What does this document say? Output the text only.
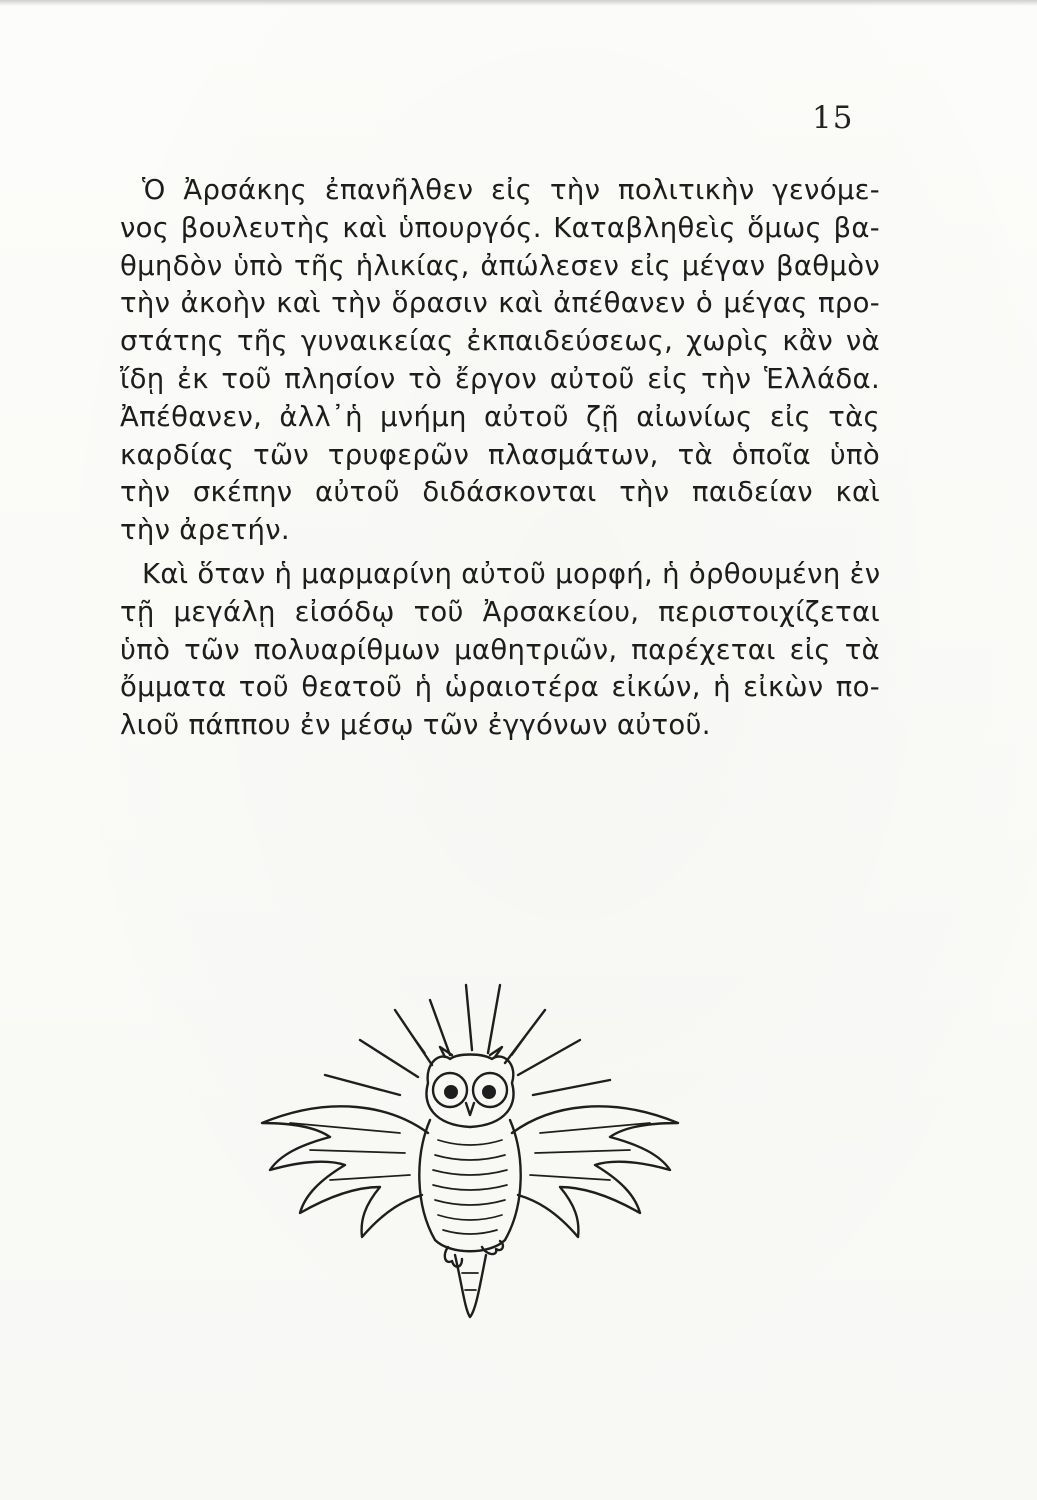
15

Ὁ Ἀρσάκης ἐπανῆλθεν εἰς τὴν πολιτικὴν γενόμε-
νος βουλευτὴς καὶ ὑπουργός. Καταβληθεὶς ὅμως βα-
θμηδὸν ὑπὸ τῆς ἡλικίας, ἀπώλεσεν εἰς μέγαν βαθμὸν
τὴν ἀκοὴν καὶ τὴν ὅρασιν καὶ ἀπέθανεν ὁ μέγας προ-
στάτης τῆς γυναικείας ἐκπαιδεύσεως, χωρὶς κἂν νὰ
ἴδῃ ἐκ τοῦ πλησίον τὸ ἔργον αὐτοῦ εἰς τὴν Ἑλλάδα.
Ἀπέθανεν, ἀλλ᾽ἡ μνήμη αὐτοῦ ζῇ αἰωνίως εἰς τὰς
καρδίας τῶν τρυφερῶν πλασμάτων, τὰ ὁποῖα ὑπὸ
τὴν σκέπην αὐτοῦ διδάσκονται τὴν παιδείαν καὶ
τὴν ἀρετήν.

Καὶ ὅταν ἡ μαρμαρίνη αὐτοῦ μορφή, ἡ ὀρθουμένη ἐν
τῇ μεγάλῃ εἰσόδῳ τοῦ Ἀρσακείου, περιστοιχίζεται
ὑπὸ τῶν πολυαρίθμων μαθητριῶν, παρέχεται εἰς τὰ
ὄμματα τοῦ θεατοῦ ἡ ὡραιοτέρα εἰκών, ἡ εἰκὼν πο-
λιοῦ πάππου ἐν μέσῳ τῶν ἐγγόνων αὐτοῦ.
